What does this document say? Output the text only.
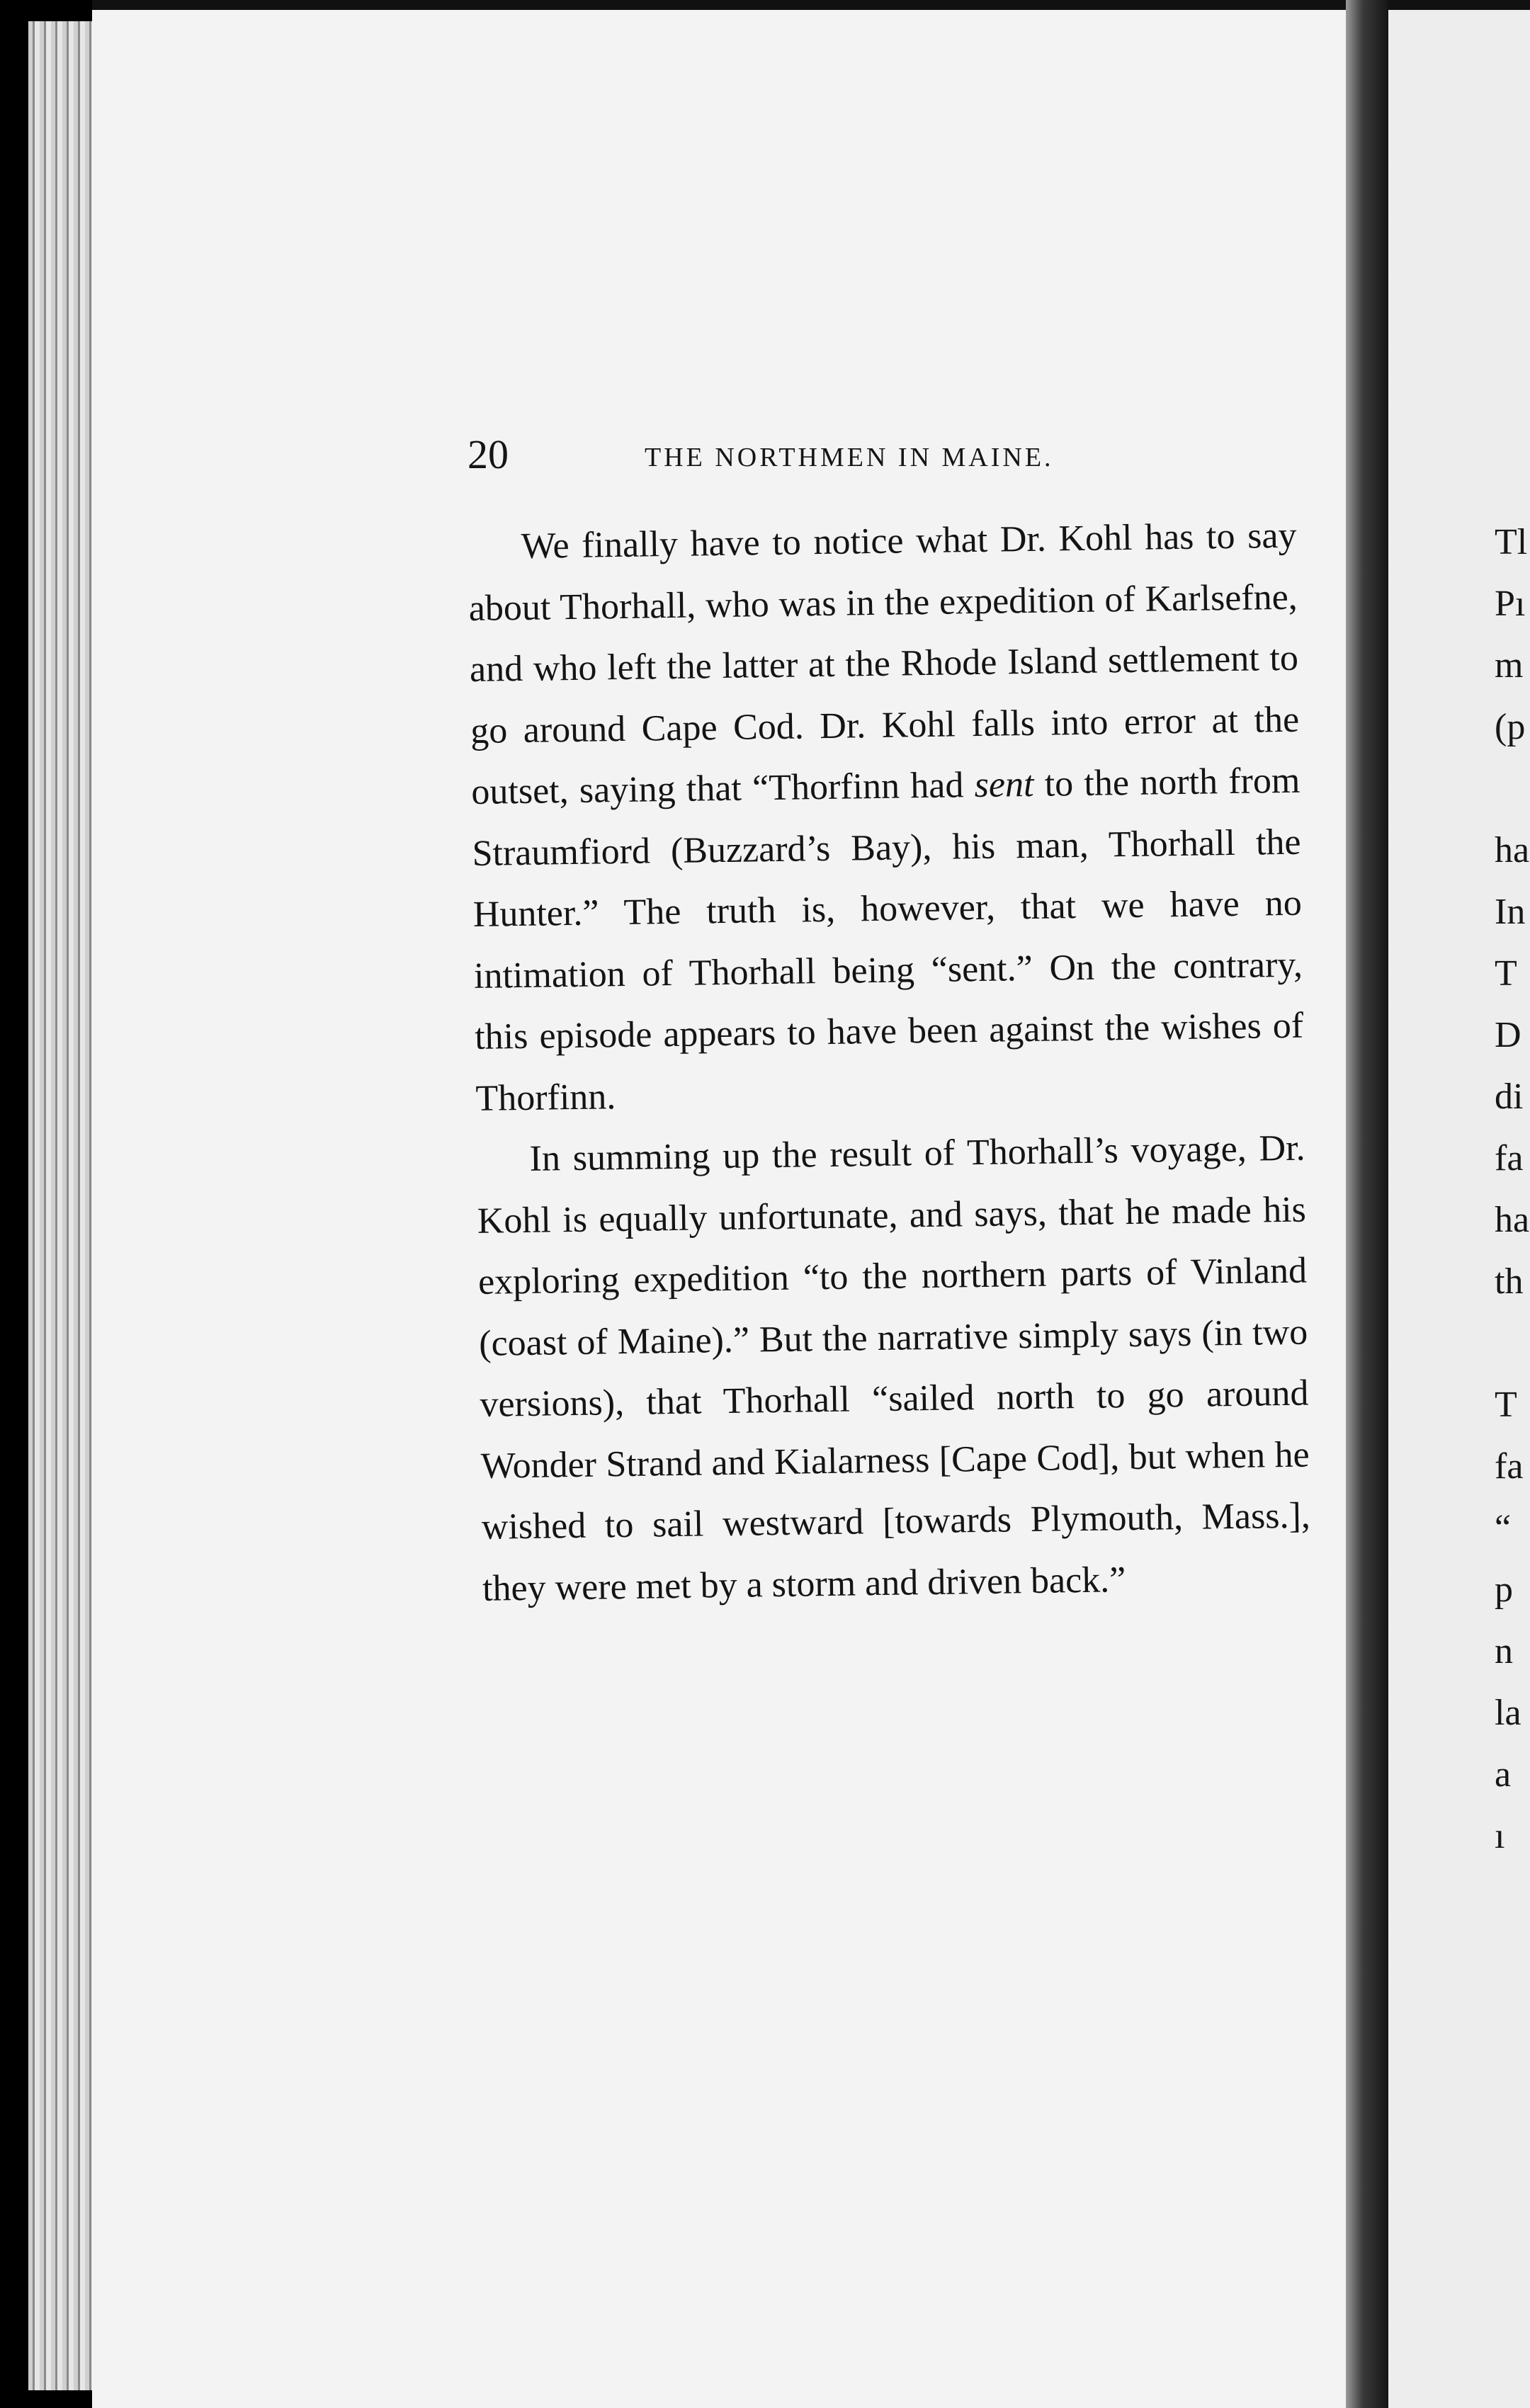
Tl
Pı
m
(p
ha
In
T
D
di
fa
ha
th
T
fa
“
p
n
la
a
ı
20	THE NORTHMEN IN MAINE.

We finally have to notice what Dr. Kohl has to say about Thorhall, who was in the expedition of Karlsefne, and who left the latter at the Rhode Island settlement to go around Cape Cod. Dr. Kohl falls into error at the outset, saying that “Thorfinn had sent to the north from Straumfiord (Buzzard’s Bay), his man, Thorhall the Hunter.” The truth is, however, that we have no intimation of Thorhall being “sent.” On the contrary, this episode appears to have been against the wishes of Thorfinn.

In summing up the result of Thorhall’s voyage, Dr. Kohl is equally unfortunate, and says, that he made his exploring expedition “to the northern parts of Vinland (coast of Maine).” But the narrative simply says (in two versions), that Thorhall “sailed north to go around Wonder Strand and Kialarness [Cape Cod], but when he wished to sail westward [towards Plymouth, Mass.], they were met by a storm and driven back.”
